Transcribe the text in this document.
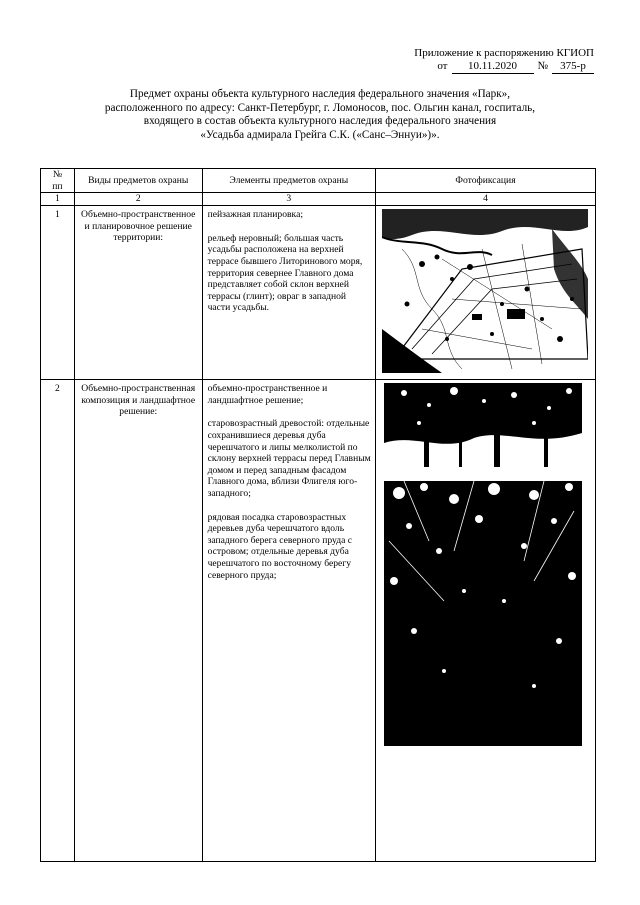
Приложение к распоряжению КГИОП
от	10.11.2020	№	375-р
Предмет охраны объекта культурного наследия федерального значения «Парк»,
расположенного по адресу: Санкт-Петербург, г. Ломоносов, пос. Ольгин канал, госпиталь,
входящего в состав объекта культурного наследия федерального значения
«Усадьба адмирала Грейга С.К. («Санс–Эннуи»)».
№
пп	Виды предметов охраны	Элементы предметов охраны	Фотофиксация
1	2	3	4
1	Объемно-пространственное и планировочное решение территории:	пейзажная планировка;

рельеф неровный; большая часть усадьбы расположена на верхней террасе бывшего Литоринового моря, территория севернее Главного дома представляет собой склон верхней террасы (глинт); овраг в западной части усадьбы.

2	Объемно-пространственная композиция и ландшафтное решение:	объемно-пространственное и ландшафтное решение;

старовозрастный древостой: отдельные сохранившиеся деревья дуба черешчатого и липы мелколистой по склону верхней террасы перед Главным домом и перед западным фасадом Главного дома, вблизи Флигеля юго-западного;

рядовая посадка старовозрастных деревьев дуба черешчатого вдоль западного берега северного пруда с островом; отдельные деревья дуба черешчатого по восточному берегу северного пруда;
